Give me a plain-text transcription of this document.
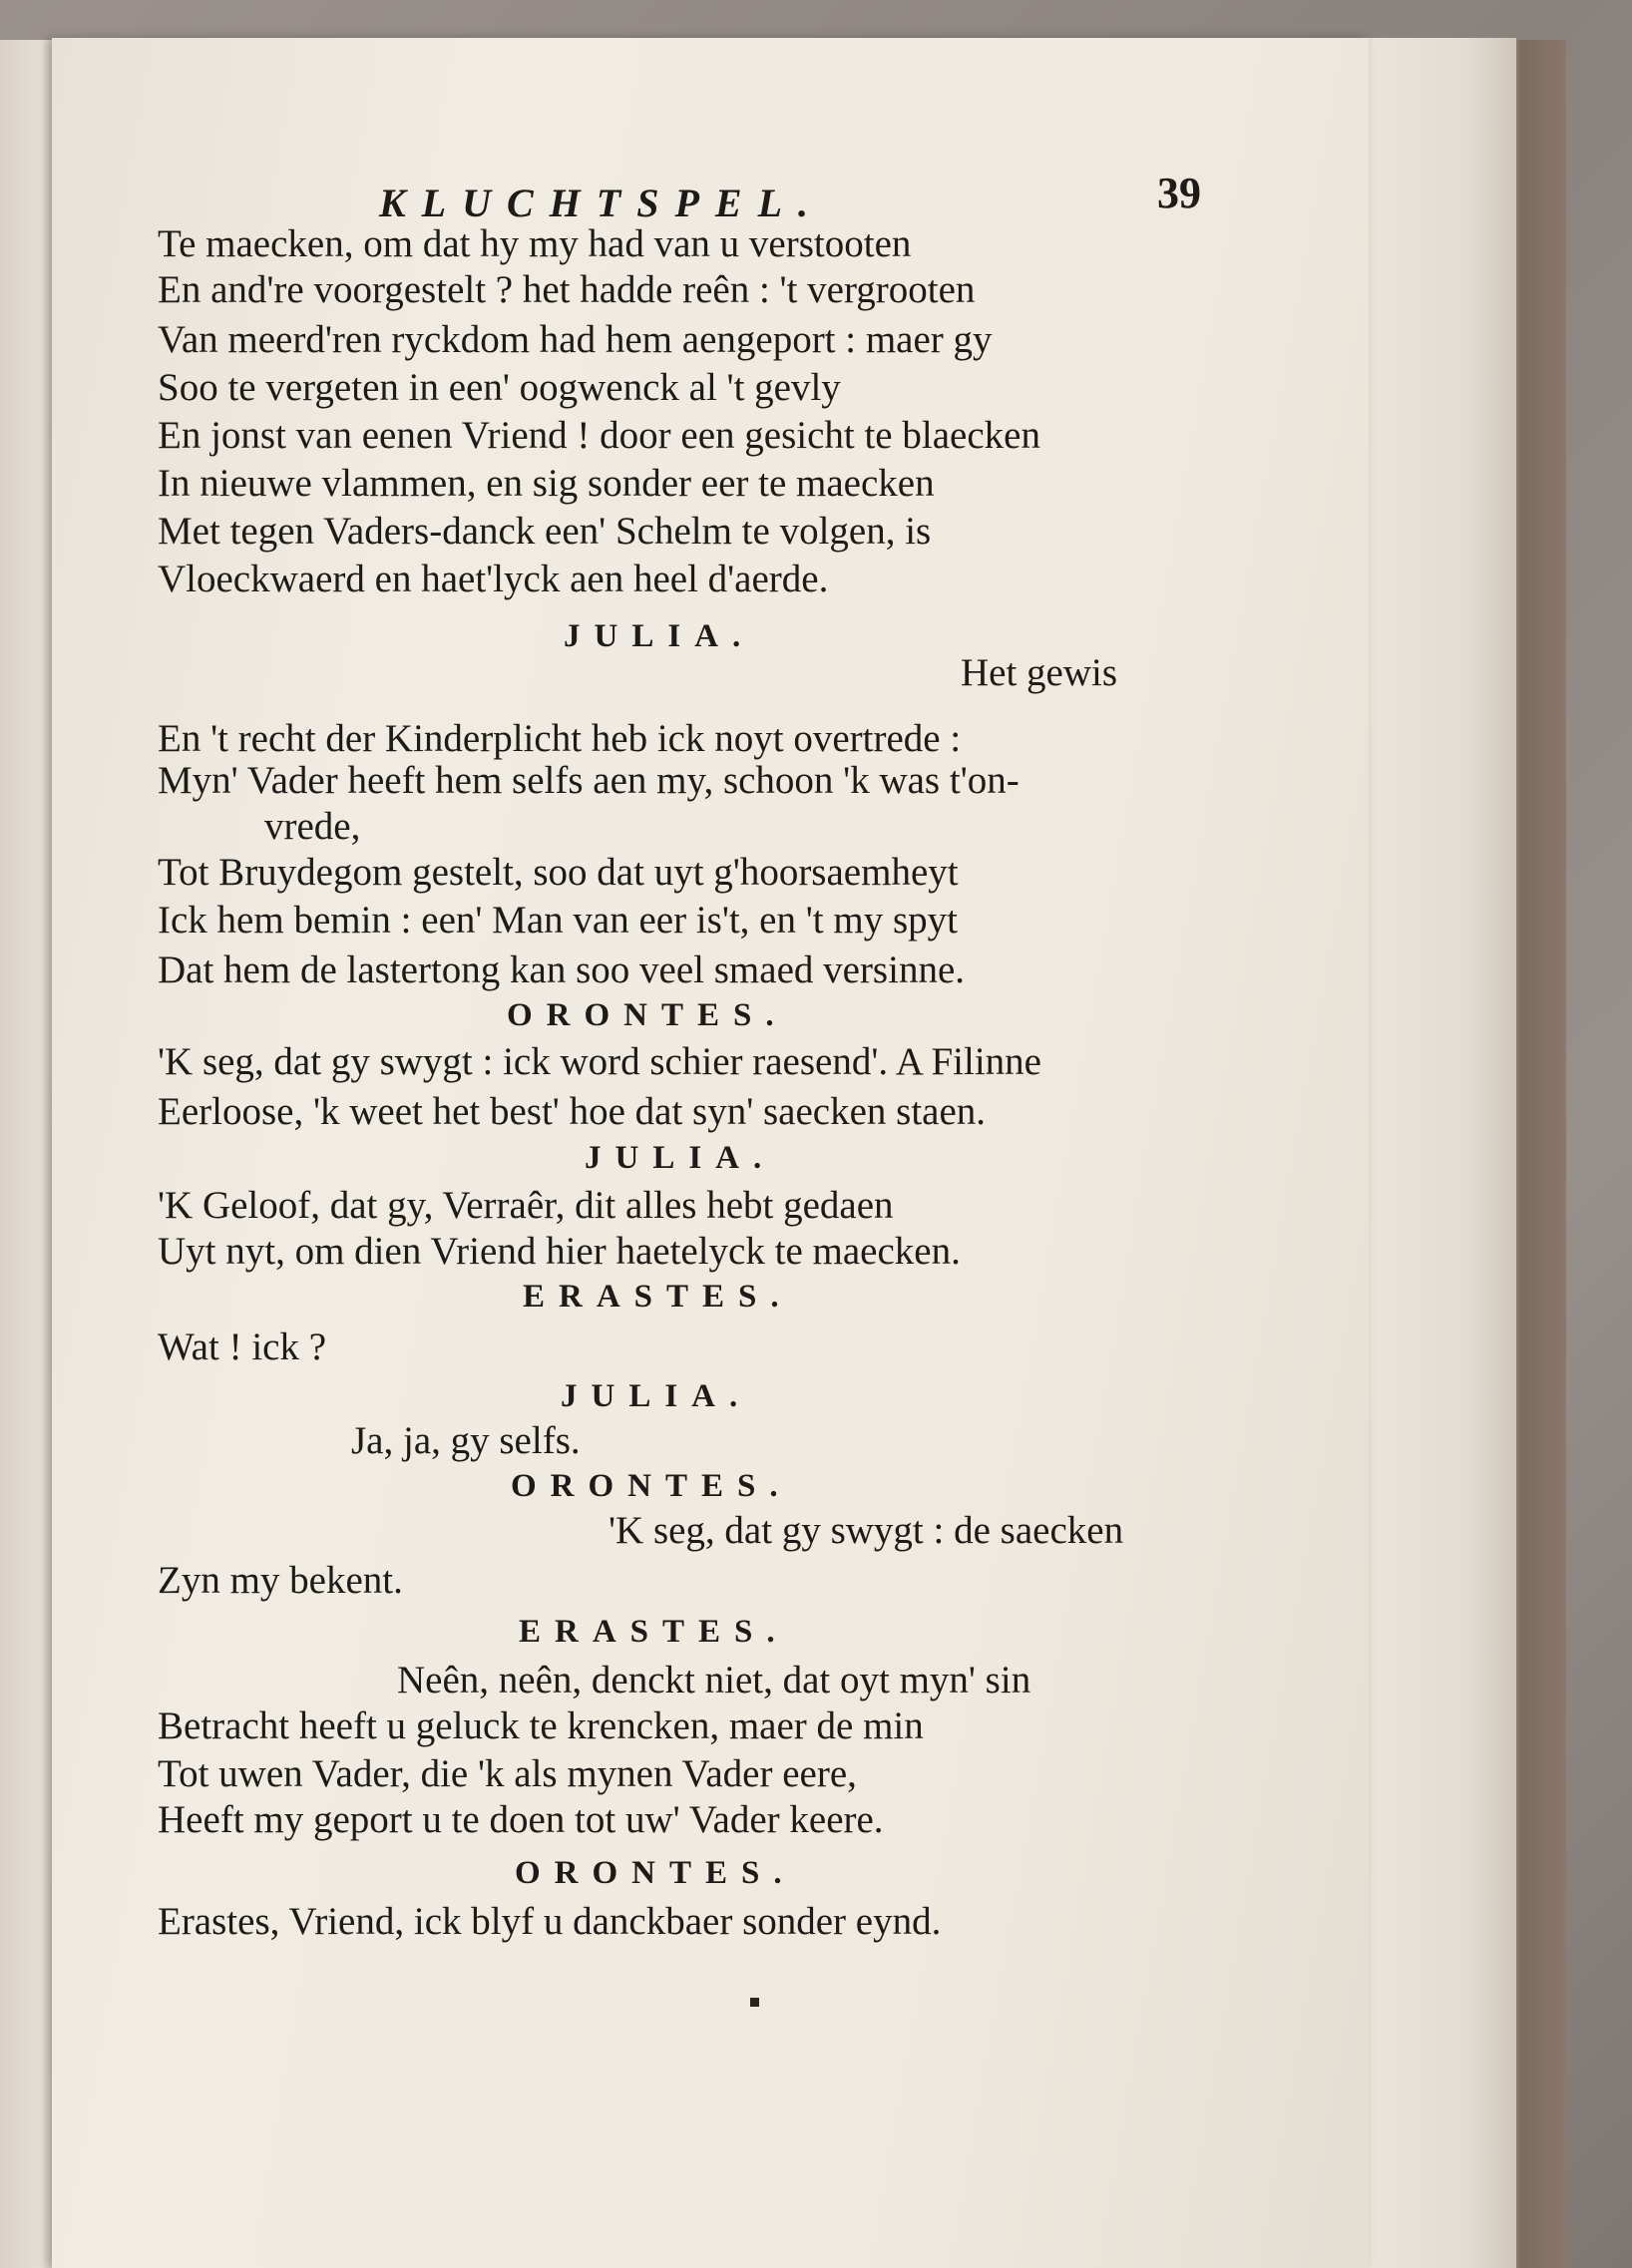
KLUCHTSPEL.	39
Te maecken, om dat hy my had van u verstooten
En and're voorgestelt ? het hadde reên : 't vergrooten
Van meerd'ren ryckdom had hem aengeport : maer gy
Soo te vergeten in een' oogwenck al 't gevly
En jonst van eenen Vriend ! door een gesicht te blaecken
In nieuwe vlammen, en sig sonder eer te maecken
Met tegen Vaders-danck een' Schelm te volgen, is
Vloeckwaerd en haet'lyck aen heel d'aerde.
JULIA.
Het gewis
En 't recht der Kinderplicht heb ick noyt overtrede :
Myn' Vader heeft hem selfs aen my, schoon 'k was t'on-
vrede,
Tot Bruydegom gestelt, soo dat uyt g'hoorsaemheyt
Ick hem bemin : een' Man van eer is't, en 't my spyt
Dat hem de lastertong kan soo veel smaed versinne.
ORONTES.
'K seg, dat gy swygt : ick word schier raesend'. A Filinne
Eerloose, 'k weet het best' hoe dat syn' saecken staen.
JULIA.
'K Geloof, dat gy, Verraêr, dit alles hebt gedaen
Uyt nyt, om dien Vriend hier haetelyck te maecken.
ERASTES.
Wat ! ick ?
JULIA.
Ja, ja, gy selfs.
ORONTES.
'K seg, dat gy swygt : de saecken
Zyn my bekent.
ERASTES.
Neên, neên, denckt niet, dat oyt myn' sin
Betracht heeft u geluck te krencken, maer de min
Tot uwen Vader, die 'k als mynen Vader eere,
Heeft my geport u te doen tot uw' Vader keere.
ORONTES.
Erastes, Vriend, ick blyf u danckbaer sonder eynd.
